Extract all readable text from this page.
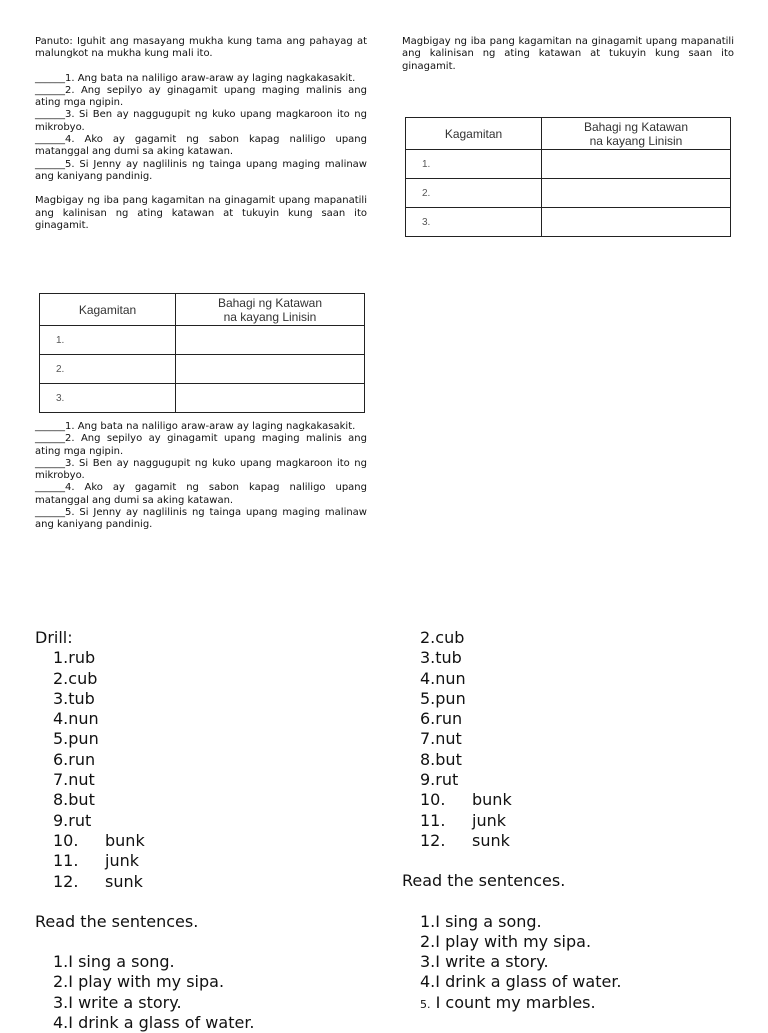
Panuto: Iguhit ang masayang mukha kung tama ang pahayag at malungkot na mukha kung mali ito.

______1. Ang bata na naliligo araw-araw ay laging nagkakasakit.

______2. Ang sepilyo ay ginagamit upang maging malinis ang ating mga ngipin.

______3. Si Ben ay naggugupit ng kuko upang magkaroon ito ng mikrobyo.

______4. Ako ay gagamit ng sabon kapag naliligo upang matanggal ang dumi sa aking katawan.

______5. Si Jenny ay naglilinis ng tainga upang maging malinaw ang kaniyang pandinig.

Magbigay ng iba pang kagamitan na ginagamit upang mapanatili ang kalinisan ng ating katawan at tukuyin kung saan ito ginagamit.

Kagamitan	Bahagi ng Katawan
na kayang Linisin
1.	
2.	
3.	

______1. Ang bata na naliligo araw-araw ay laging nagkakasakit.

______2. Ang sepilyo ay ginagamit upang maging malinis ang ating mga ngipin.

______3. Si Ben ay naggugupit ng kuko upang magkaroon ito ng mikrobyo.

______4. Ako ay gagamit ng sabon kapag naliligo upang matanggal ang dumi sa aking katawan.

______5. Si Jenny ay naglilinis ng tainga upang maging malinaw ang kaniyang pandinig.

Magbigay ng iba pang kagamitan na ginagamit upang mapanatili ang kalinisan ng ating katawan at tukuyin kung saan ito ginagamit.

Kagamitan	Bahagi ng Katawan
na kayang Linisin
1.	
2.	
3.	
Drill:
1.rub
2.cub
3.tub
4.nun
5.pun
6.run
7.nut
8.but
9.rut
10. bunk
11. junk
12. sunk
Read the sentences.
1.I sing a song.
2.I play with my sipa.
3.I write a story.
4.I drink a glass of water.
2.cub
3.tub
4.nun
5.pun
6.run
7.nut
8.but
9.rut
10. bunk
11. junk
12. sunk
Read the sentences.
1.I sing a song.
2.I play with my sipa.
3.I write a story.
4.I drink a glass of water.
5. I count my marbles.
